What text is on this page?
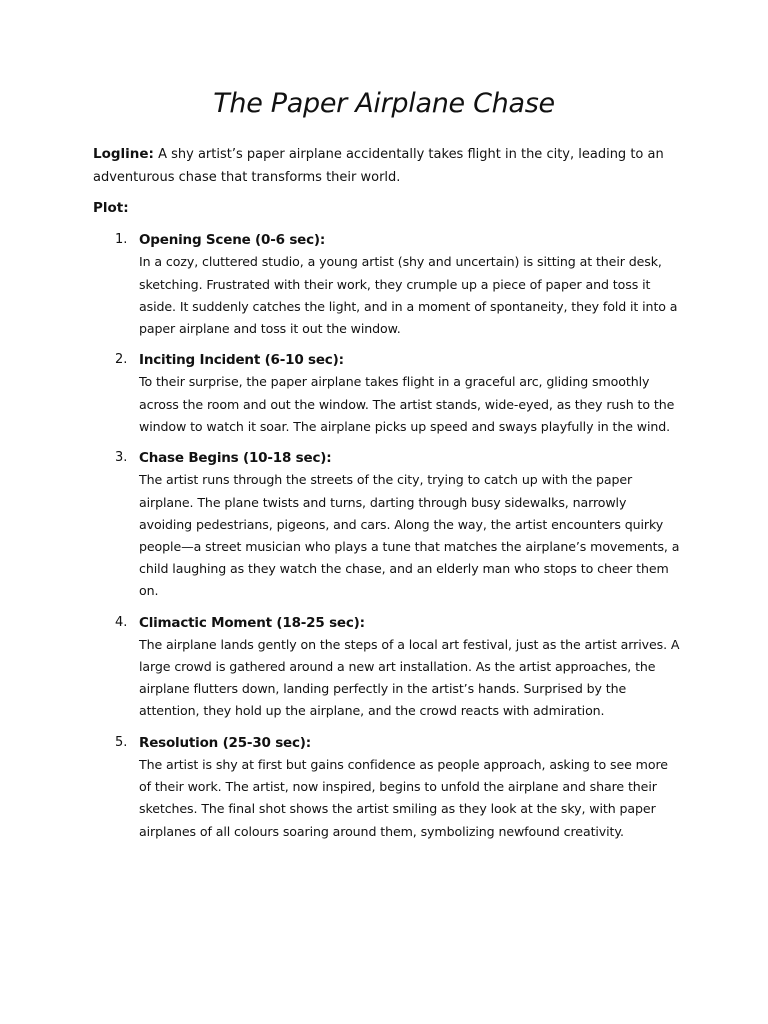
The Paper Airplane Chase

Logline: A shy artist’s paper airplane accidentally takes flight in the city, leading to an adventurous chase that transforms their world.

Plot:

1. Opening Scene (0-6 sec):
In a cozy, cluttered studio, a young artist (shy and uncertain) is sitting at their desk, sketching. Frustrated with their work, they crumple up a piece of paper and toss it aside. It suddenly catches the light, and in a moment of spontaneity, they fold it into a paper airplane and toss it out the window.
2. Inciting Incident (6-10 sec):
To their surprise, the paper airplane takes flight in a graceful arc, gliding smoothly across the room and out the window. The artist stands, wide-eyed, as they rush to the window to watch it soar. The airplane picks up speed and sways playfully in the wind.
3. Chase Begins (10-18 sec):
The artist runs through the streets of the city, trying to catch up with the paper airplane. The plane twists and turns, darting through busy sidewalks, narrowly avoiding pedestrians, pigeons, and cars. Along the way, the artist encounters quirky people—a street musician who plays a tune that matches the airplane’s movements, a child laughing as they watch the chase, and an elderly man who stops to cheer them on.
4. Climactic Moment (18-25 sec):
The airplane lands gently on the steps of a local art festival, just as the artist arrives. A large crowd is gathered around a new art installation. As the artist approaches, the airplane flutters down, landing perfectly in the artist’s hands. Surprised by the attention, they hold up the airplane, and the crowd reacts with admiration.
5. Resolution (25-30 sec):
The artist is shy at first but gains confidence as people approach, asking to see more of their work. The artist, now inspired, begins to unfold the airplane and share their sketches. The final shot shows the artist smiling as they look at the sky, with paper airplanes of all colours soaring around them, symbolizing newfound creativity.
